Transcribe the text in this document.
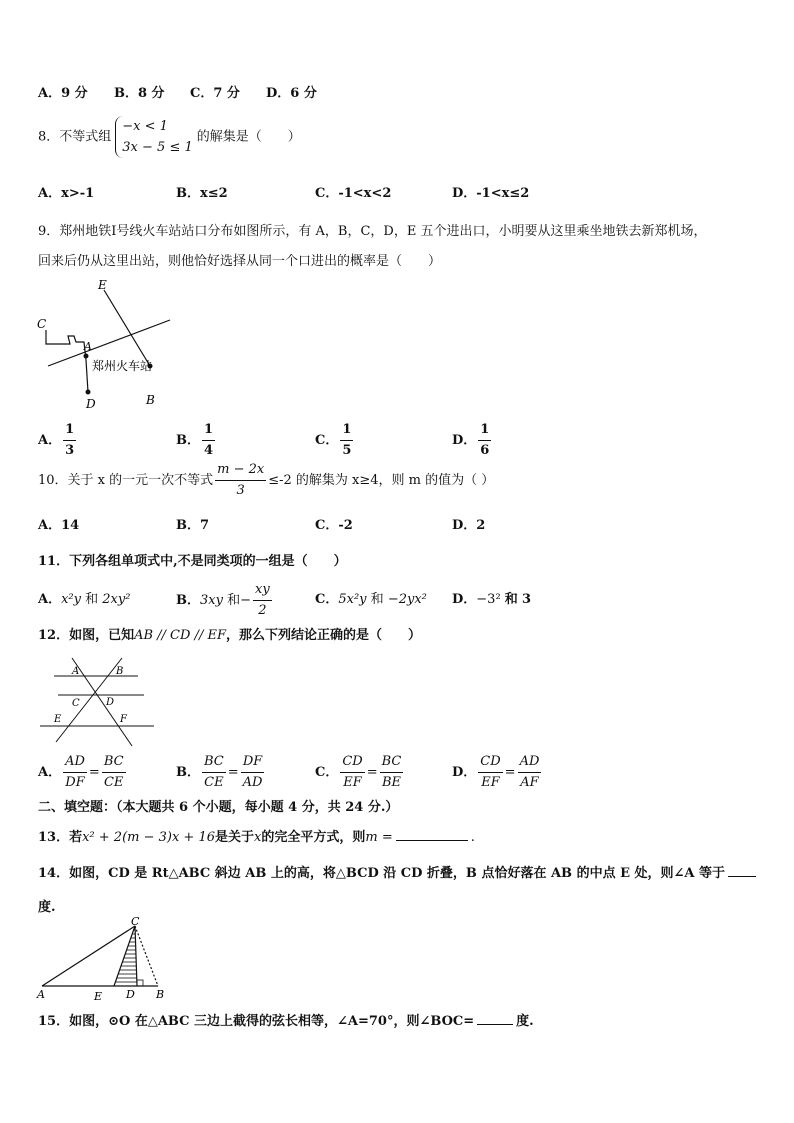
A．9 分 B．8 分 C．7 分 D．6 分
8．不等式组
−x < 1
3x − 5 ≤ 1
的解集是（　　）
A．x>-1	B．x≤2	C．-1<x<2	D．-1<x≤2
9．郑州地铁Ⅰ号线火车站站口分布如图所示，有 A，B，C，D，E 五个进出口，小明要从这里乘坐地铁去新郑机场，
回来后仍从这里出站，则他恰好选择从同一个口进出的概率是（　　）
E
C
A
郑州火车站
D	B
A． $\frac{1}{3}$	B． $\frac{1}{4}$	C． $\frac{1}{5}$	D． $\frac{1}{6}$
10．关于 x 的一元一次不等式 $\frac{m - 2x}{3} \le-2$ 的解集为 x≥4，则 m 的值为（ ）
A．14	B．7	C．-2	D．2
11．下列各组单项式中,不是同类项的一组是（　　）
A．x²y 和 2xy²	B．3xy 和− $\frac{xy}{2}$	C．5x²y 和 −2yx² D．−3² 和 3
12．如图，已知AB // CD // EF，那么下列结论正确的是（　　）
A	B
C	D
E	F
A． $\frac{AD}{DF} = \frac{BC}{CE}$	B． $\frac{BC}{CE} = \frac{DF}{AD}$	C． $\frac{CD}{EF} = \frac{BC}{BE}$	D． $\frac{CD}{EF} = \frac{AD}{AF}$
二、填空题：（本大题共 6 个小题，每小题 4 分，共 24 分.）
13．若x² + 2(m − 3)x + 16是关于x的完全平方式，则m =	.
14．如图，CD 是 Rt△ABC 斜边 AB 上的高，将△BCD 沿 CD 折叠，B 点恰好落在 AB 的中点 E 处，则∠A 等于
度.
C
A	E D B
15．如图，⊙O 在△ABC 三边上截得的弦长相等，∠A=70°，则∠BOC=	度.
